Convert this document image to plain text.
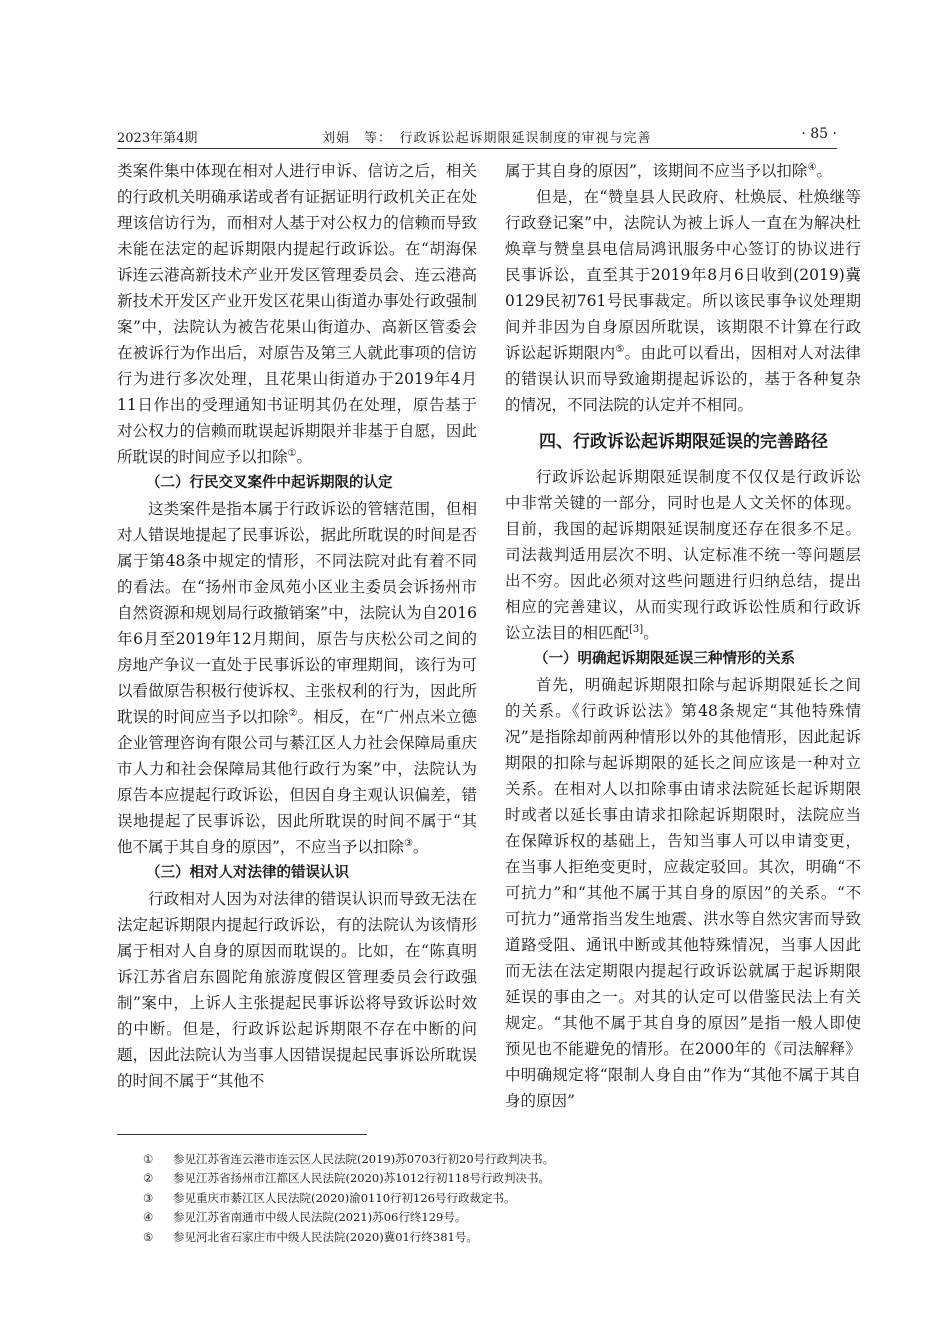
2023年第4期	刘娟　等：　行政诉讼起诉期限延误制度的审视与完善	· 85 ·

类案件集中体现在相对人进行申诉、信访之后，相关的行政机关明确承诺或者有证据证明行政机关正在处理该信访行为，而相对人基于对公权力的信赖而导致未能在法定的起诉期限内提起行政诉讼。在“胡海保诉连云港高新技术产业开发区管理委员会、连云港高新技术开发区产业开发区花果山街道办事处行政强制案”中，法院认为被告花果山街道办、高新区管委会在被诉行为作出后，对原告及第三人就此事项的信访行为进行多次处理，且花果山街道办于2019年4月11日作出的受理通知书证明其仍在处理，原告基于对公权力的信赖而耽误起诉期限并非基于自愿，因此所耽误的时间应予以扣除①。

（二）行民交叉案件中起诉期限的认定

这类案件是指本属于行政诉讼的管辖范围，但相对人错误地提起了民事诉讼，据此所耽误的时间是否属于第48条中规定的情形，不同法院对此有着不同的看法。在“扬州市金凤苑小区业主委员会诉扬州市自然资源和规划局行政撤销案”中，法院认为自2016年6月至2019年12月期间，原告与庆松公司之间的房地产争议一直处于民事诉讼的审理期间，该行为可以看做原告积极行使诉权、主张权利的行为，因此所耽误的时间应当予以扣除②。相反，在“广州点米立德企业管理咨询有限公司与綦江区人力社会保障局重庆市人力和社会保障局其他行政行为案”中，法院认为原告本应提起行政诉讼，但因自身主观认识偏差，错误地提起了民事诉讼，因此所耽误的时间不属于“其他不属于其自身的原因”，不应当予以扣除③。

（三）相对人对法律的错误认识

行政相对人因为对法律的错误认识而导致无法在法定起诉期限内提起行政诉讼，有的法院认为该情形属于相对人自身的原因而耽误的。比如，在“陈真明诉江苏省启东圆陀角旅游度假区管理委员会行政强制”案中，上诉人主张提起民事诉讼将导致诉讼时效的中断。但是，行政诉讼起诉期限不存在中断的问题，因此法院认为当事人因错误提起民事诉讼所耽误的时间不属于“其他不

属于其自身的原因”，该期间不应当予以扣除④。

但是，在“赞皇县人民政府、杜焕辰、杜焕继等行政登记案”中，法院认为被上诉人一直在为解决杜焕章与赞皇县电信局鸿讯服务中心签订的协议进行民事诉讼，直至其于2019年8月6日收到(2019)冀0129民初761号民事裁定。所以该民事争议处理期间并非因为自身原因所耽误，该期限不计算在行政诉讼起诉期限内⑤。由此可以看出，因相对人对法律的错误认识而导致逾期提起诉讼的，基于各种复杂的情况，不同法院的认定并不相同。

四、行政诉讼起诉期限延误的完善路径

行政诉讼起诉期限延误制度不仅仅是行政诉讼中非常关键的一部分，同时也是人文关怀的体现。目前，我国的起诉期限延误制度还存在很多不足。司法裁判适用层次不明、认定标准不统一等问题层出不穷。因此必须对这些问题进行归纳总结，提出相应的完善建议，从而实现行政诉讼性质和行政诉讼立法目的相匹配[3]。

（一）明确起诉期限延误三种情形的关系

首先，明确起诉期限扣除与起诉期限延长之间的关系。《行政诉讼法》第48条规定“其他特殊情况”是指除却前两种情形以外的其他情形，因此起诉期限的扣除与起诉期限的延长之间应该是一种对立关系。在相对人以扣除事由请求法院延长起诉期限时或者以延长事由请求扣除起诉期限时，法院应当在保障诉权的基础上，告知当事人可以申请变更，在当事人拒绝变更时，应裁定驳回。其次，明确“不可抗力”和“其他不属于其自身的原因”的关系。“不可抗力”通常指当发生地震、洪水等自然灾害而导致道路受阻、通讯中断或其他特殊情况，当事人因此而无法在法定期限内提起行政诉讼就属于起诉期限延误的事由之一。对其的认定可以借鉴民法上有关规定。“其他不属于其自身的原因”是指一般人即使预见也不能避免的情形。在2000年的《司法解释》中明确规定将“限制人身自由”作为“其他不属于其自身的原因”

① 参见江苏省连云港市连云区人民法院(2019)苏0703行初20号行政判决书。
② 参见江苏省扬州市江都区人民法院(2020)苏1012行初118号行政判决书。
③ 参见重庆市綦江区人民法院(2020)渝0110行初126号行政裁定书。
④ 参见江苏省南通市中级人民法院(2021)苏06行终129号。
⑤ 参见河北省石家庄市中级人民法院(2020)冀01行终381号。
